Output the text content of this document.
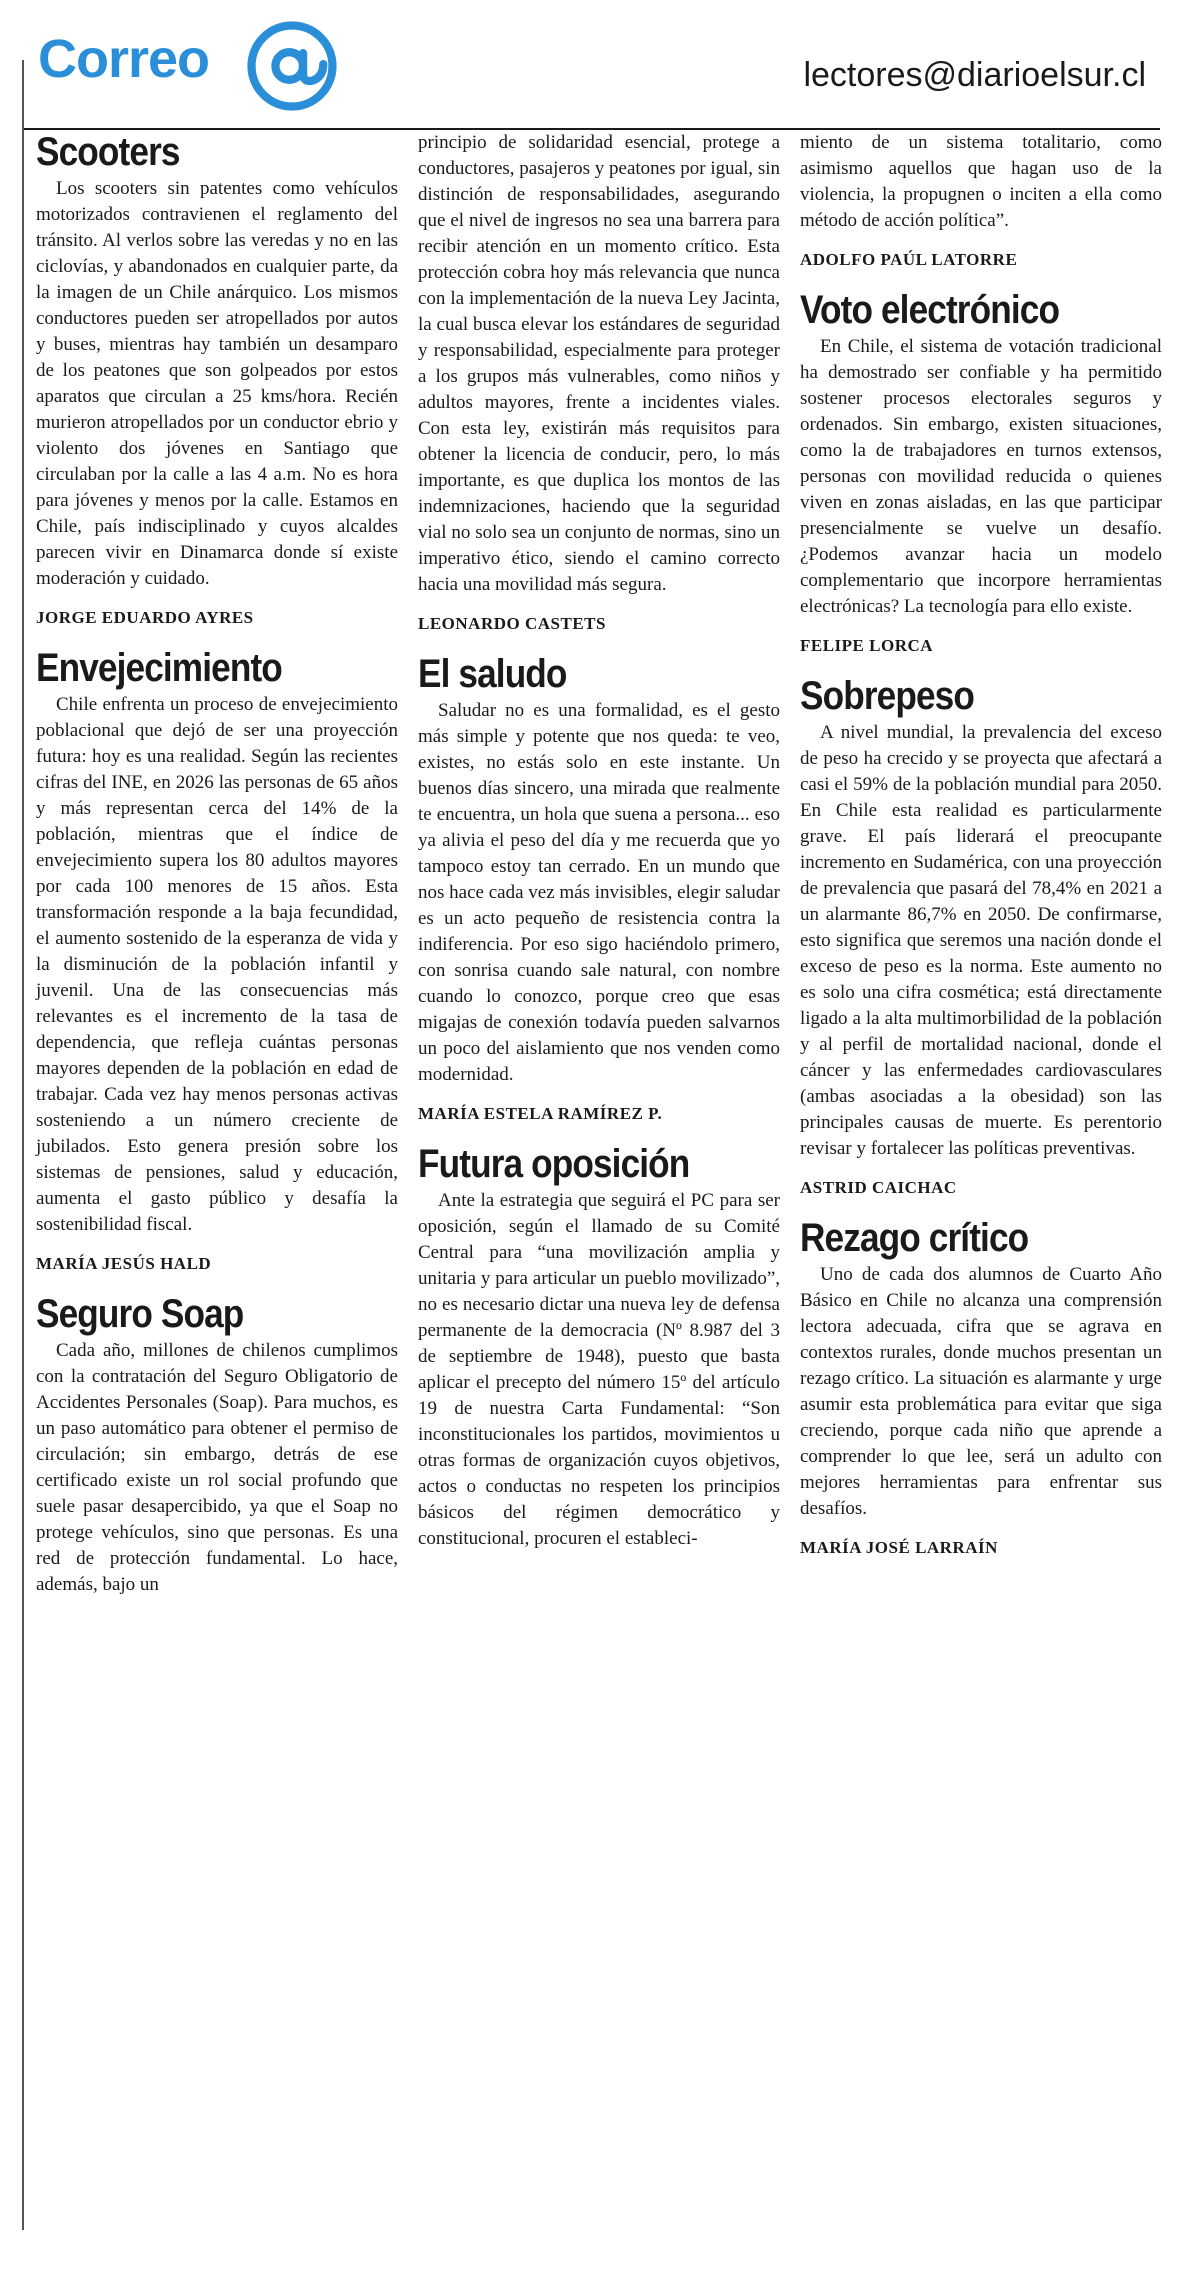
Correo	lectores@diarioelsur.cl
Scooters

Los scooters sin patentes como vehículos motorizados contravienen el reglamento del tránsito. Al verlos sobre las veredas y no en las ciclovías, y abandonados en cualquier parte, da la imagen de un Chile anárquico. Los mismos conductores pueden ser atropellados por autos y buses, mientras hay también un desamparo de los peatones que son golpeados por estos aparatos que circulan a 25 kms/hora. Recién murieron atropellados por un conductor ebrio y violento dos jóvenes en Santiago que circulaban por la calle a las 4 a.m. No es hora para jóvenes y menos por la calle. Estamos en Chile, país indisciplinado y cuyos alcaldes parecen vivir en Dinamarca donde sí existe moderación y cuidado.

JORGE EDUARDO AYRES
Envejecimiento

Chile enfrenta un proceso de envejecimiento poblacional que dejó de ser una proyección futura: hoy es una realidad. Según las recientes cifras del INE, en 2026 las personas de 65 años y más representan cerca del 14% de la población, mientras que el índice de envejecimiento supera los 80 adultos mayores por cada 100 menores de 15 años. Esta transformación responde a la baja fecundidad, el aumento sostenido de la esperanza de vida y la disminución de la población infantil y juvenil. Una de las consecuencias más relevantes es el incremento de la tasa de dependencia, que refleja cuántas personas mayores dependen de la población en edad de trabajar. Cada vez hay menos personas activas sosteniendo a un número creciente de jubilados. Esto genera presión sobre los sistemas de pensiones, salud y educación, aumenta el gasto público y desafía la sostenibilidad fiscal.

MARÍA JESÚS HALD
Seguro Soap

Cada año, millones de chilenos cumplimos con la contratación del Seguro Obligatorio de Accidentes Personales (Soap). Para muchos, es un paso automático para obtener el permiso de circulación; sin embargo, detrás de ese certificado existe un rol social profundo que suele pasar desapercibido, ya que el Soap no protege vehículos, sino que personas. Es una red de protección fundamental. Lo hace, además, bajo un

principio de solidaridad esencial, protege a conductores, pasajeros y peatones por igual, sin distinción de responsabilidades, asegurando que el nivel de ingresos no sea una barrera para recibir atención en un momento crítico. Esta protección cobra hoy más relevancia que nunca con la implementación de la nueva Ley Jacinta, la cual busca elevar los estándares de seguridad y responsabilidad, especialmente para proteger a los grupos más vulnerables, como niños y adultos mayores, frente a incidentes viales. Con esta ley, existirán más requisitos para obtener la licencia de conducir, pero, lo más importante, es que duplica los montos de las indemnizaciones, haciendo que la seguridad vial no solo sea un conjunto de normas, sino un imperativo ético, siendo el camino correcto hacia una movilidad más segura.

LEONARDO CASTETS
El saludo

Saludar no es una formalidad, es el gesto más simple y potente que nos queda: te veo, existes, no estás solo en este instante. Un buenos días sincero, una mirada que realmente te encuentra, un hola que suena a persona... eso ya alivia el peso del día y me recuerda que yo tampoco estoy tan cerrado. En un mundo que nos hace cada vez más invisibles, elegir saludar es un acto pequeño de resistencia contra la indiferencia. Por eso sigo haciéndolo primero, con sonrisa cuando sale natural, con nombre cuando lo conozco, porque creo que esas migajas de conexión todavía pueden salvarnos un poco del aislamiento que nos venden como modernidad.

MARÍA ESTELA RAMÍREZ P.
Futura oposición

Ante la estrategia que seguirá el PC para ser oposición, según el llamado de su Comité Central para “una movilización amplia y unitaria y para articular un pueblo movilizado”, no es necesario dictar una nueva ley de defensa permanente de la democracia (Nº 8.987 del 3 de septiembre de 1948), puesto que basta aplicar el precepto del número 15º del artículo 19 de nuestra Carta Fundamental: “Son inconstitucionales los partidos, movimientos u otras formas de organización cuyos objetivos, actos o conductas no respeten los principios básicos del régimen democrático y constitucional, procuren el estableci-

miento de un sistema totalitario, como asimismo aquellos que hagan uso de la violencia, la propugnen o inciten a ella como método de acción política”.

ADOLFO PAÚL LATORRE
Voto electrónico

En Chile, el sistema de votación tradicional ha demostrado ser confiable y ha permitido sostener procesos electorales seguros y ordenados. Sin embargo, existen situaciones, como la de trabajadores en turnos extensos, personas con movilidad reducida o quienes viven en zonas aisladas, en las que participar presencialmente se vuelve un desafío. ¿Podemos avanzar hacia un modelo complementario que incorpore herramientas electrónicas? La tecnología para ello existe.

FELIPE LORCA
Sobrepeso

A nivel mundial, la prevalencia del exceso de peso ha crecido y se proyecta que afectará a casi el 59% de la población mundial para 2050. En Chile esta realidad es particularmente grave. El país liderará el preocupante incremento en Sudamérica, con una proyección de prevalencia que pasará del 78,4% en 2021 a un alarmante 86,7% en 2050. De confirmarse, esto significa que seremos una nación donde el exceso de peso es la norma. Este aumento no es solo una cifra cosmética; está directamente ligado a la alta multimorbilidad de la población y al perfil de mortalidad nacional, donde el cáncer y las enfermedades cardiovasculares (ambas asociadas a la obesidad) son las principales causas de muerte. Es perentorio revisar y fortalecer las políticas preventivas.

ASTRID CAICHAC
Rezago crítico

Uno de cada dos alumnos de Cuarto Año Básico en Chile no alcanza una comprensión lectora adecuada, cifra que se agrava en contextos rurales, donde muchos presentan un rezago crítico. La situación es alarmante y urge asumir esta problemática para evitar que siga creciendo, porque cada niño que aprende a comprender lo que lee, será un adulto con mejores herramientas para enfrentar sus desafíos.

MARÍA JOSÉ LARRAÍN
